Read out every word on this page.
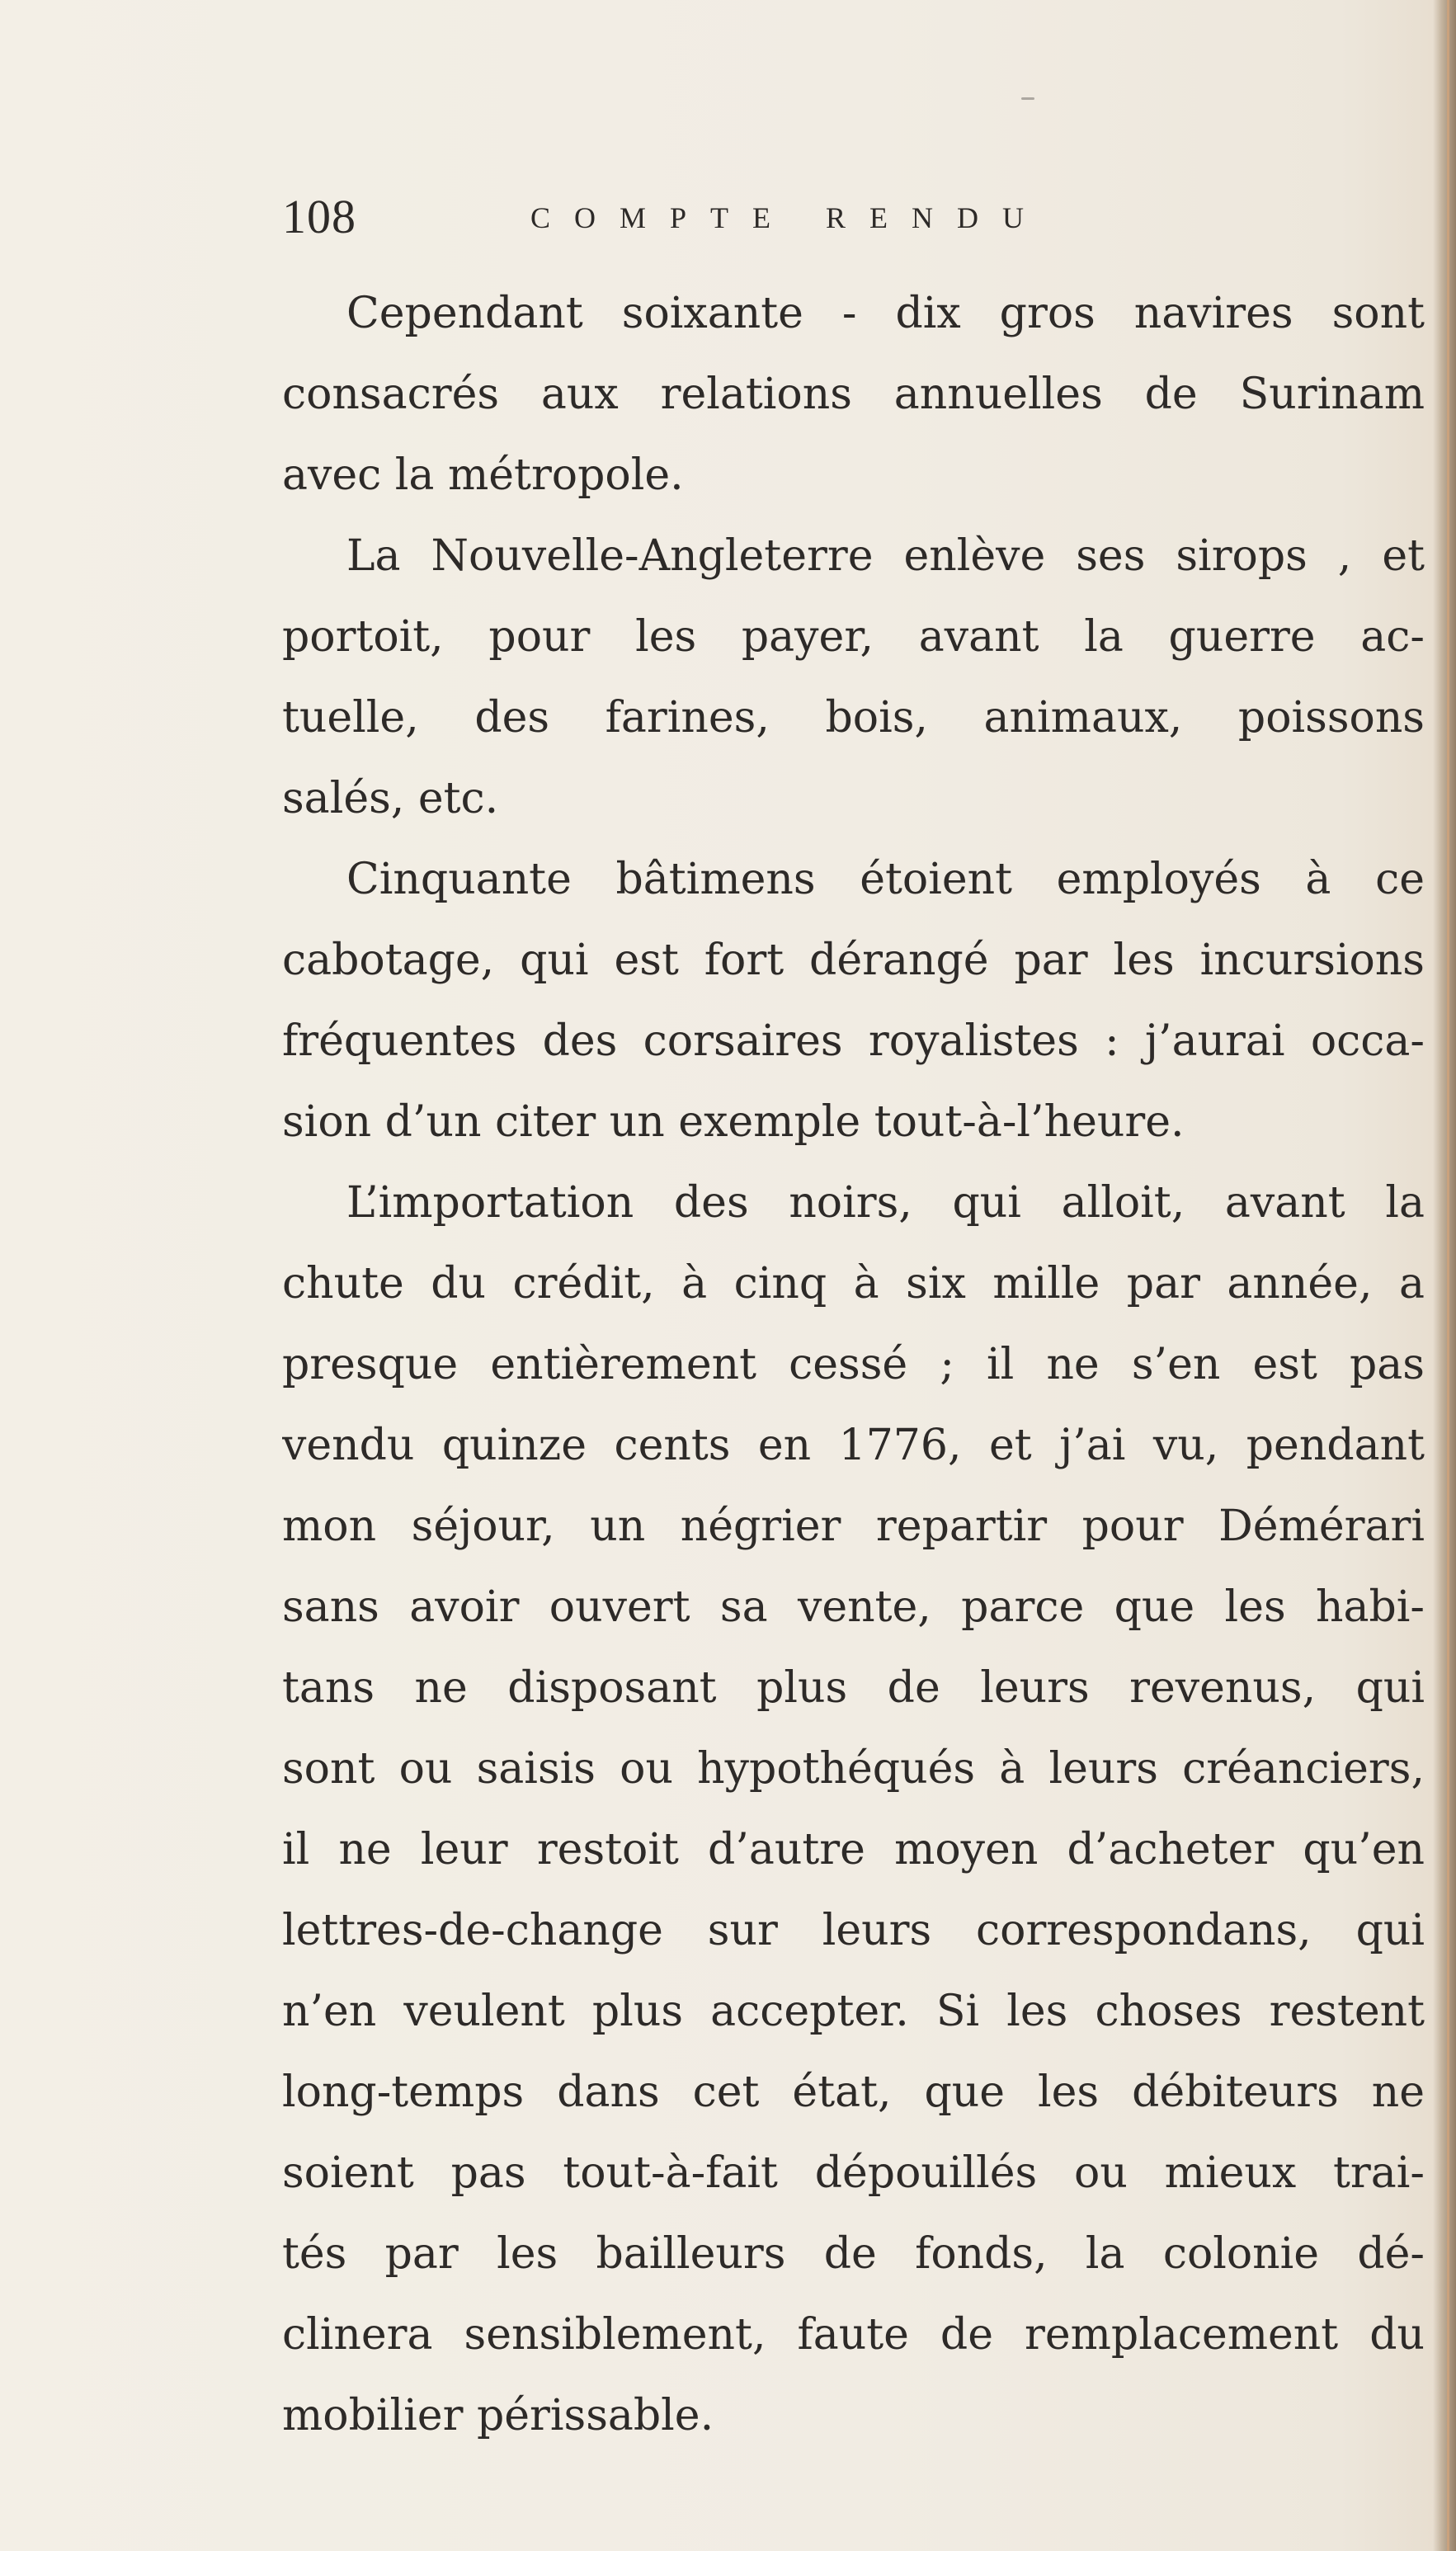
108	COMPTE RENDU
Cependant soixante - dix gros navires sont
consacrés aux relations annuelles de Surinam
avec la métropole.
La Nouvelle-Angleterre enlève ses sirops , et
portoit, pour les payer, avant la guerre ac-
tuelle, des farines, bois, animaux, poissons
salés, etc.
Cinquante bâtimens étoient employés à ce
cabotage, qui est fort dérangé par les incursions
fréquentes des corsaires royalistes : j’aurai occa-
sion d’un citer un exemple tout-à-l’heure.
L’importation des noirs, qui alloit, avant la
chute du crédit, à cinq à six mille par année, a
presque entièrement cessé ; il ne s’en est pas
vendu quinze cents en 1776, et j’ai vu, pendant
mon séjour, un négrier repartir pour Démérari
sans avoir ouvert sa vente, parce que les habi-
tans ne disposant plus de leurs revenus, qui
sont ou saisis ou hypothéqués à leurs créanciers,
il ne leur restoit d’autre moyen d’acheter qu’en
lettres-de-change sur leurs correspondans, qui
n’en veulent plus accepter. Si les choses restent
long-temps dans cet état, que les débiteurs ne
soient pas tout-à-fait dépouillés ou mieux trai-
tés par les bailleurs de fonds, la colonie dé-
clinera sensiblement, faute de remplacement du
mobilier périssable.
